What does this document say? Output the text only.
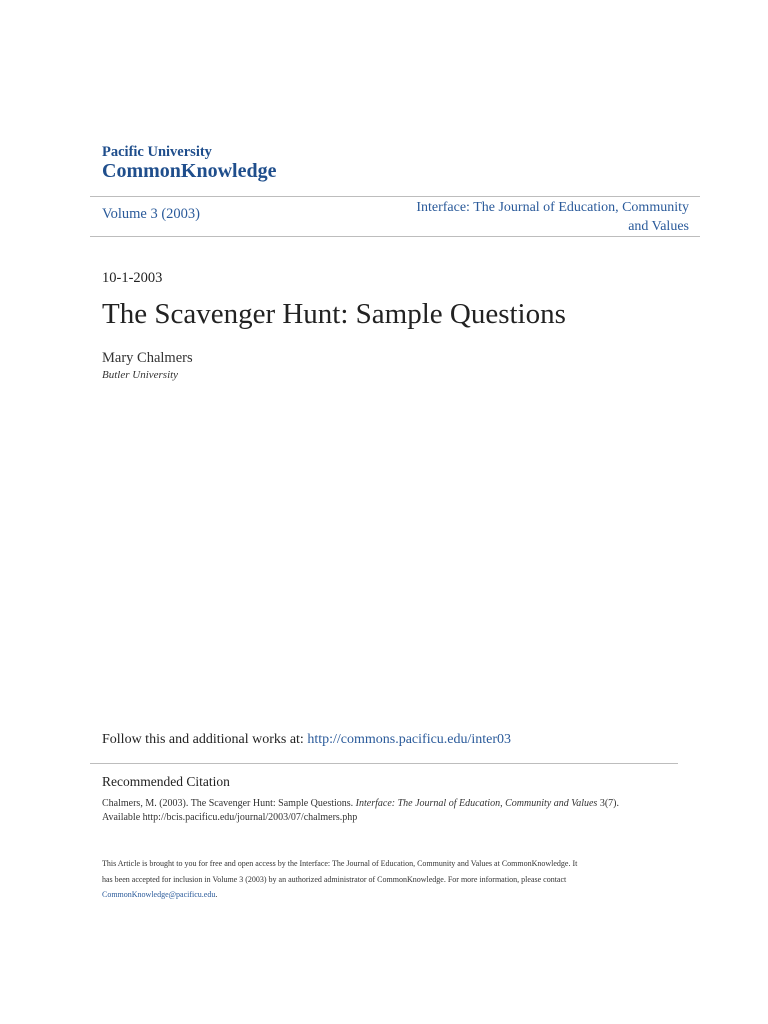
Pacific University
CommonKnowledge
Volume 3 (2003)	Interface: The Journal of Education, Community
and Values
10-1-2003
The Scavenger Hunt: Sample Questions
Mary Chalmers
Butler University
Follow this and additional works at: http://commons.pacificu.edu/inter03
Recommended Citation
Chalmers, M. (2003). The Scavenger Hunt: Sample Questions. Interface: The Journal of Education, Community and Values 3(7).
Available http://bcis.pacificu.edu/journal/2003/07/chalmers.php
This Article is brought to you for free and open access by the Interface: The Journal of Education, Community and Values at CommonKnowledge. It
has been accepted for inclusion in Volume 3 (2003) by an authorized administrator of CommonKnowledge. For more information, please contact
CommonKnowledge@pacificu.edu.
